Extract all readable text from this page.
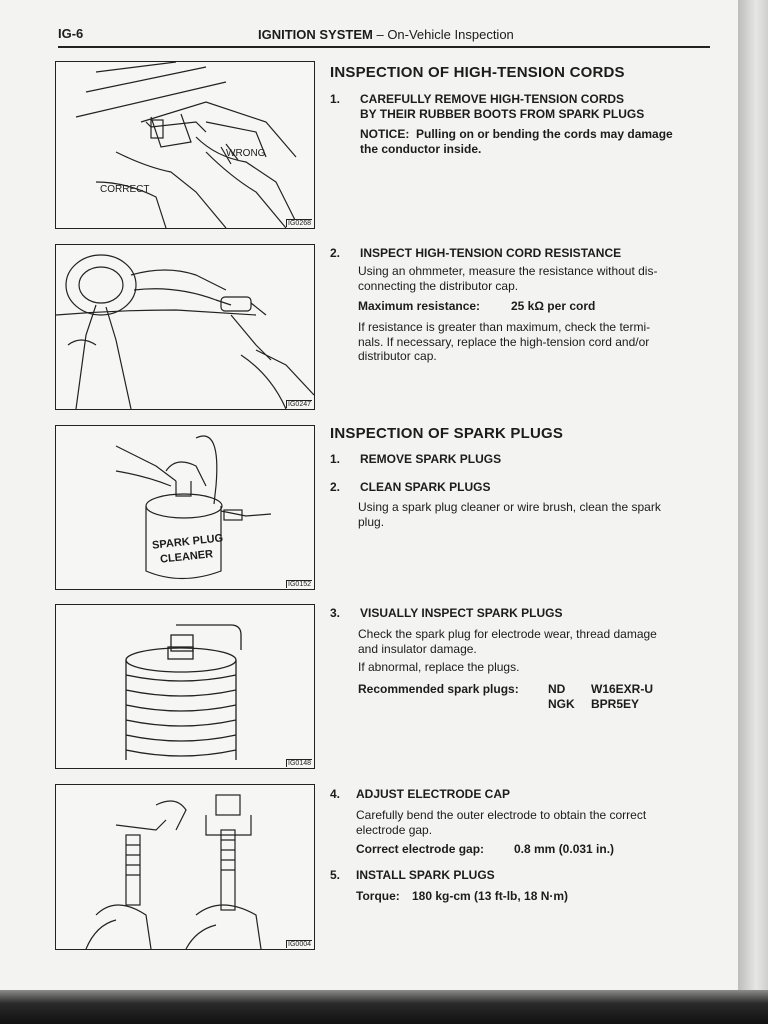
IG-6	IGNITION SYSTEM – On-Vehicle Inspection
WRONG
CORRECT
IG0268
IG0247
SPARK PLUG
CLEANER
IG0152
IG0148
IG0004
INSPECTION OF HIGH-TENSION CORDS
1. CAREFULLY REMOVE HIGH-TENSION CORDS
BY THEIR RUBBER BOOTS FROM SPARK PLUGS
NOTICE: Pulling on or bending the cords may damage
the conductor inside.
2. INSPECT HIGH-TENSION CORD RESISTANCE
Using an ohmmeter, measure the resistance without dis-
connecting the distributor cap.
Maximum resistance:	25 kΩ per cord
If resistance is greater than maximum, check the termi-
nals. If necessary, replace the high-tension cord and/or
distributor cap.
INSPECTION OF SPARK PLUGS
1. REMOVE SPARK PLUGS
2. CLEAN SPARK PLUGS
Using a spark plug cleaner or wire brush, clean the spark
plug.
3. VISUALLY INSPECT SPARK PLUGS
Check the spark plug for electrode wear, thread damage
and insulator damage.
If abnormal, replace the plugs.
Recommended spark plugs: ND W16EXR-U
NGK BPR5EY
4. ADJUST ELECTRODE CAP
Carefully bend the outer electrode to obtain the correct
electrode gap.
Correct electrode gap: 0.8 mm (0.031 in.)
5. INSTALL SPARK PLUGS
Torque: 180 kg-cm (13 ft-lb, 18 N·m)
